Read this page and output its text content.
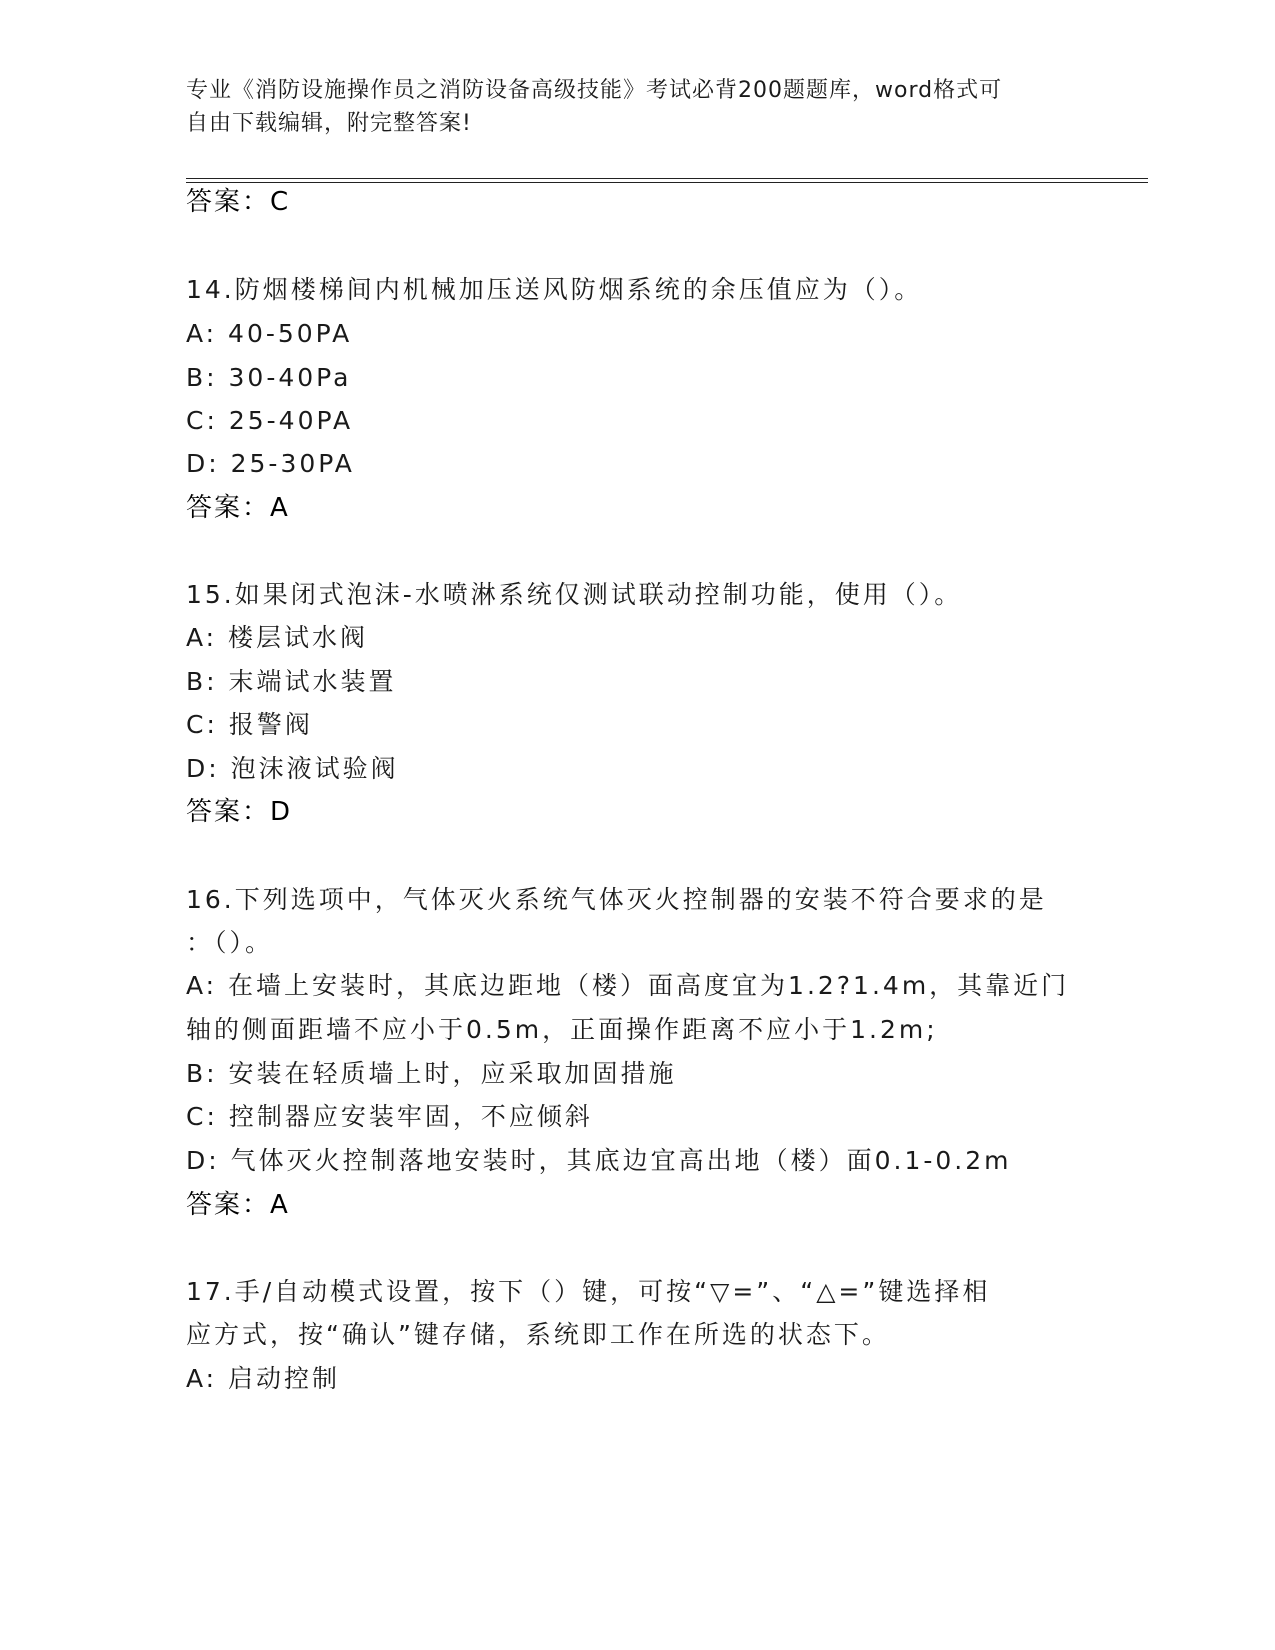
专业《消防设施操作员之消防设备高级技能》考试必背200题题库，word格式可
自由下载编辑，附完整答案!
答案：C
14.防烟楼梯间内机械加压送风防烟系统的余压值应为（）。
A: 40-50PA
B: 30-40Pa
C: 25-40PA
D: 25-30PA
答案：A
15.如果闭式泡沫-水喷淋系统仅测试联动控制功能，使用（）。
A: 楼层试水阀
B: 末端试水装置
C: 报警阀
D: 泡沫液试验阀
答案：D
16.下列选项中，气体灭火系统气体灭火控制器的安装不符合要求的是
：（）。
A: 在墙上安装时，其底边距地（楼）面高度宜为1.2?1.4m，其靠近门
轴的侧面距墙不应小于0.5m，正面操作距离不应小于1.2m;
B: 安装在轻质墙上时，应采取加固措施
C: 控制器应安装牢固，不应倾斜
D: 气体灭火控制落地安装时，其底边宜高出地（楼）面0.1-0.2m
答案：A
17.手/自动模式设置，按下（）键，可按“▽=”、“△=”键选择相
应方式，按“确认”键存储，系统即工作在所选的状态下。
A: 启动控制
